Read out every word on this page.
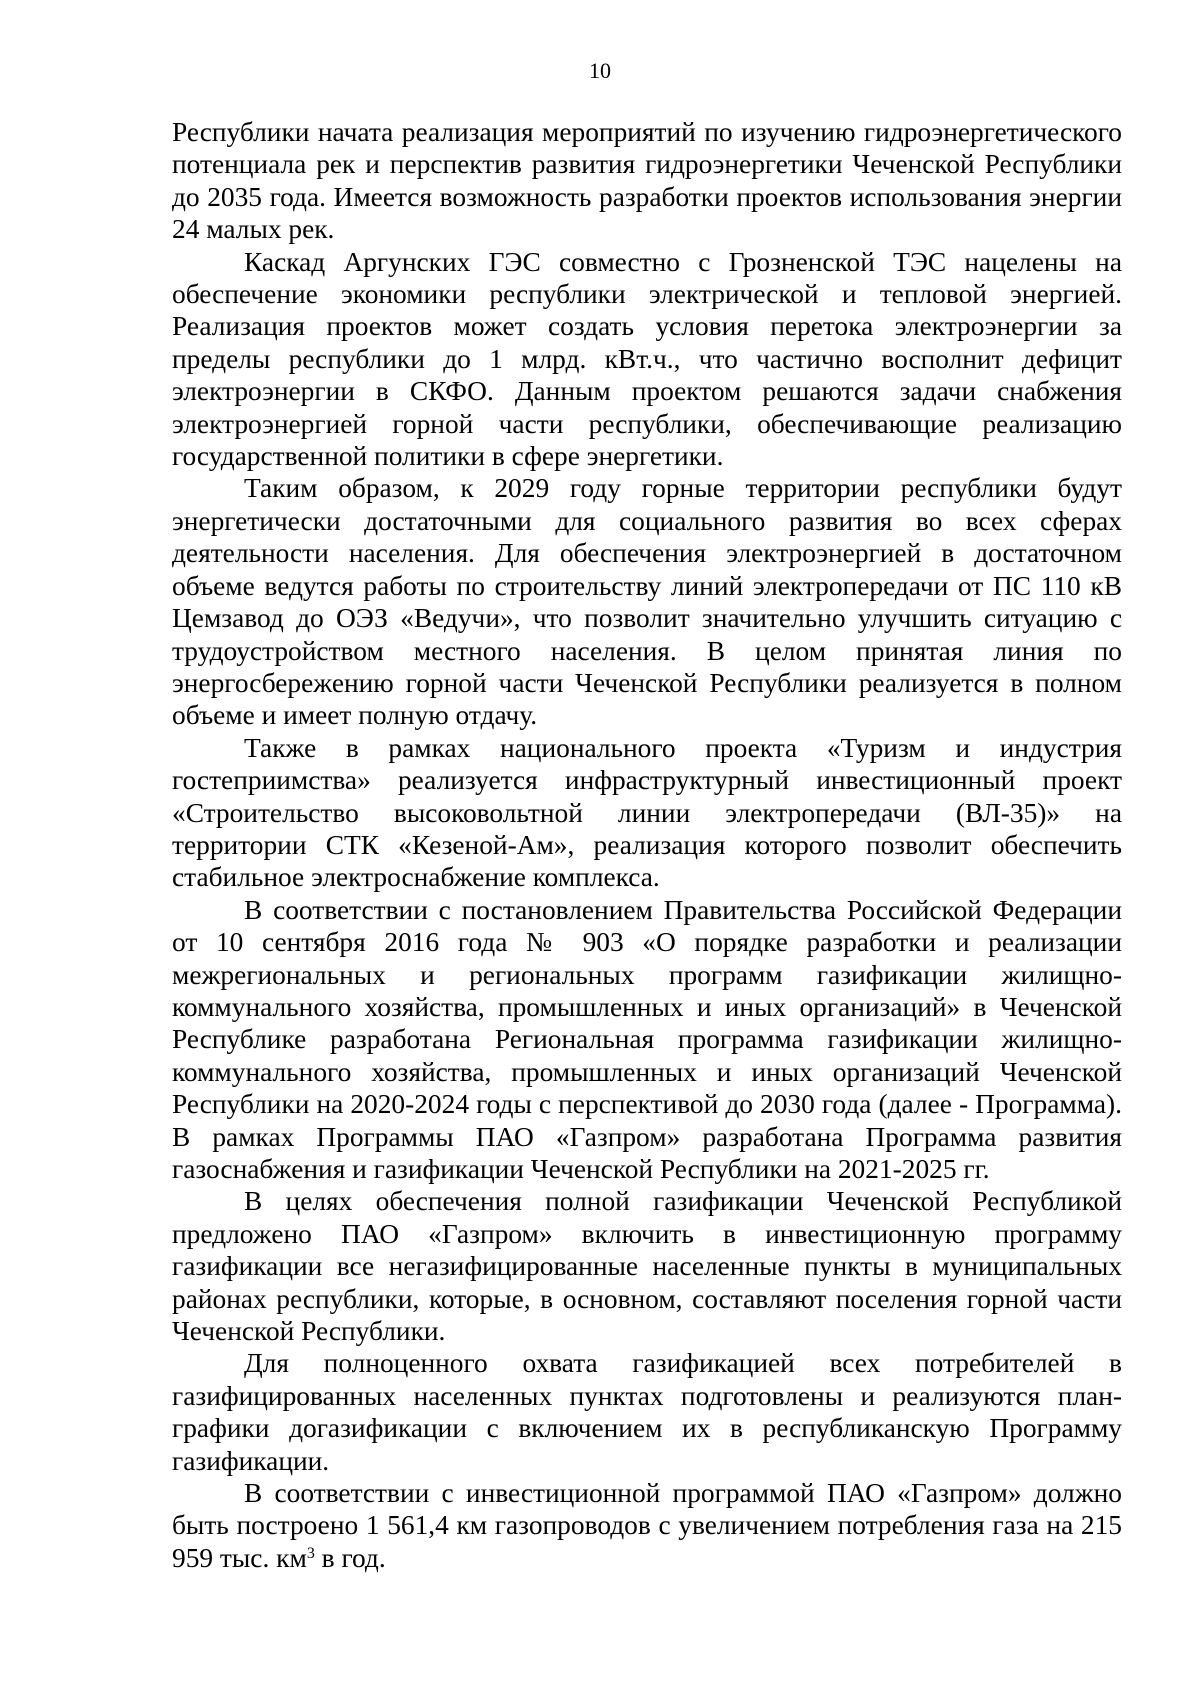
10

Республики начата реализация мероприятий по изучению гидроэнергетического потенциала рек и перспектив развития гидроэнергетики Чеченской Республики до 2035 года. Имеется возможность разработки проектов использования энергии 24 малых рек.

Каскад Аргунских ГЭС совместно с Грозненской ТЭС нацелены на обеспечение экономики республики электрической и тепловой энергией. Реализация проектов может создать условия перетока электроэнергии за пределы республики до 1 млрд. кВт.ч., что частично восполнит дефицит электроэнергии в СКФО. Данным проектом решаются задачи снабжения электроэнергией горной части республики, обеспечивающие реализацию государственной политики в сфере энергетики.

Таким образом, к 2029 году горные территории республики будут энергетически достаточными для социального развития во всех сферах деятельности населения. Для обеспечения электроэнергией в достаточном объеме ведутся работы по строительству линий электропередачи от ПС 110 кВ Цемзавод до ОЭЗ «Ведучи», что позволит значительно улучшить ситуацию с трудоустройством местного населения. В целом принятая линия по энергосбережению горной части Чеченской Республики реализуется в полном объеме и имеет полную отдачу.

Также в рамках национального проекта «Туризм и индустрия гостеприимства» реализуется инфраструктурный инвестиционный проект «Строительство высоковольтной линии электропередачи (ВЛ-35)» на территории СТК «Кезеной-Ам», реализация которого позволит обеспечить стабильное электроснабжение комплекса.

В соответствии с постановлением Правительства Российской Федерации от 10 сентября 2016 года № 903 «О порядке разработки и реализации межрегиональных и региональных программ газификации жилищно-коммунального хозяйства, промышленных и иных организаций» в Чеченской Республике разработана Региональная программа газификации жилищно-коммунального хозяйства, промышленных и иных организаций Чеченской Республики на 2020-2024 годы с перспективой до 2030 года (далее - Программа). В рамках Программы ПАО «Газпром» разработана Программа развития газоснабжения и газификации Чеченской Республики на 2021-2025 гг.

В целях обеспечения полной газификации Чеченской Республикой предложено ПАО «Газпром» включить в инвестиционную программу газификации все негазифицированные населенные пункты в муниципальных районах республики, которые, в основном, составляют поселения горной части Чеченской Республики.

Для полноценного охвата газификацией всех потребителей в газифицированных населенных пунктах подготовлены и реализуются план-графики догазификации с включением их в республиканскую Программу газификации.

В соответствии с инвестиционной программой ПАО «Газпром» должно быть построено 1 561,4 км газопроводов с увеличением потребления газа на 215 959 тыс. $км^3$ в год.
